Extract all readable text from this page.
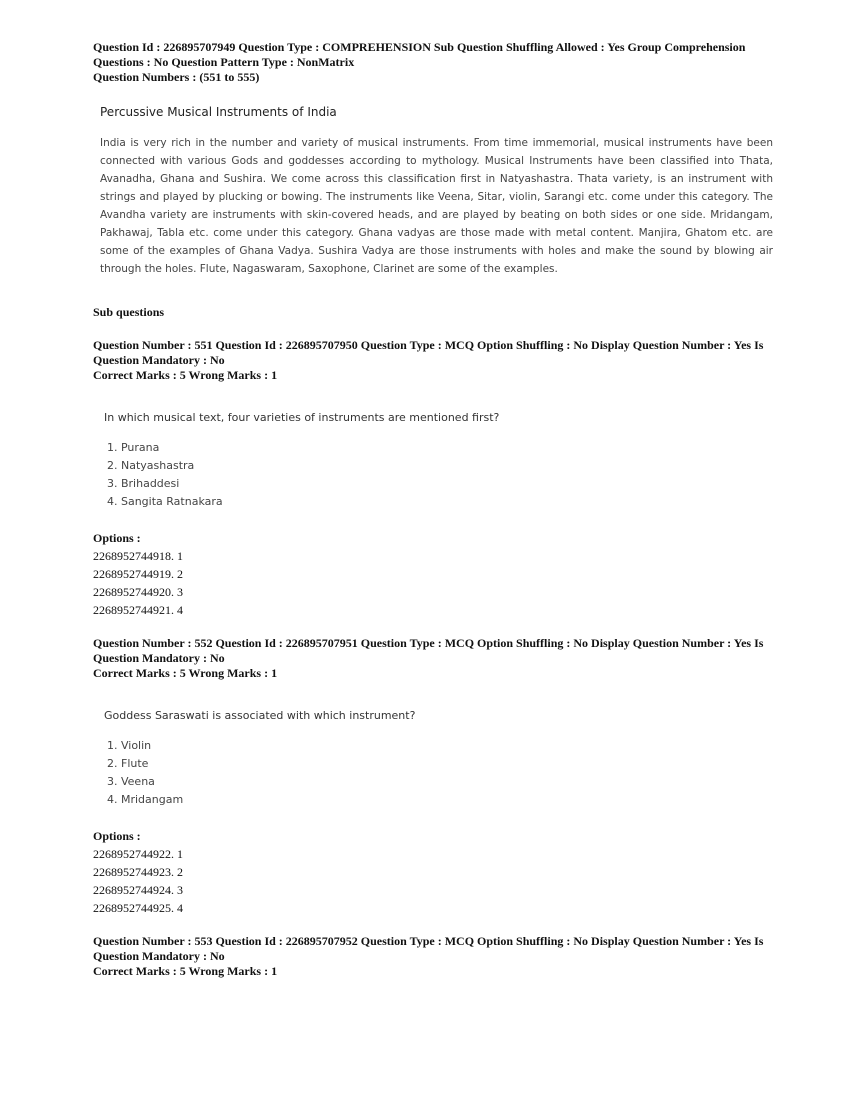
Question Id : 226895707949 Question Type : COMPREHENSION Sub Question Shuffling Allowed : Yes Group Comprehension
Questions : No Question Pattern Type : NonMatrix
Question Numbers : (551 to 555)
Percussive Musical Instruments of India
India is very rich in the number and variety of musical instruments. From time immemorial, musical instruments have been connected with various Gods and goddesses according to mythology. Musical Instruments have been classified into Thata, Avanadha, Ghana and Sushira. We come across this classification first in Natyashastra. Thata variety, is an instrument with strings and played by plucking or bowing. The instruments like Veena, Sitar, violin, Sarangi etc. come under this category. The Avandha variety are instruments with skin-covered heads, and are played by beating on both sides or one side. Mridangam, Pakhawaj, Tabla etc. come under this category. Ghana vadyas are those made with metal content. Manjira, Ghatom etc. are some of the examples of Ghana Vadya. Sushira Vadya are those instruments with holes and make the sound by blowing air through the holes. Flute, Nagaswaram, Saxophone, Clarinet are some of the examples.
Sub questions
Question Number : 551 Question Id : 226895707950 Question Type : MCQ Option Shuffling : No Display Question Number : Yes Is
Question Mandatory : No
Correct Marks : 5 Wrong Marks : 1
In which musical text, four varieties of instruments are mentioned first?
1. Purana
2. Natyashastra
3. Brihaddesi
4. Sangita Ratnakara
Options :
2268952744918. 1
2268952744919. 2
2268952744920. 3
2268952744921. 4
Question Number : 552 Question Id : 226895707951 Question Type : MCQ Option Shuffling : No Display Question Number : Yes Is
Question Mandatory : No
Correct Marks : 5 Wrong Marks : 1
Goddess Saraswati is associated with which instrument?
1. Violin
2. Flute
3. Veena
4. Mridangam
Options :
2268952744922. 1
2268952744923. 2
2268952744924. 3
2268952744925. 4
Question Number : 553 Question Id : 226895707952 Question Type : MCQ Option Shuffling : No Display Question Number : Yes Is
Question Mandatory : No
Correct Marks : 5 Wrong Marks : 1
